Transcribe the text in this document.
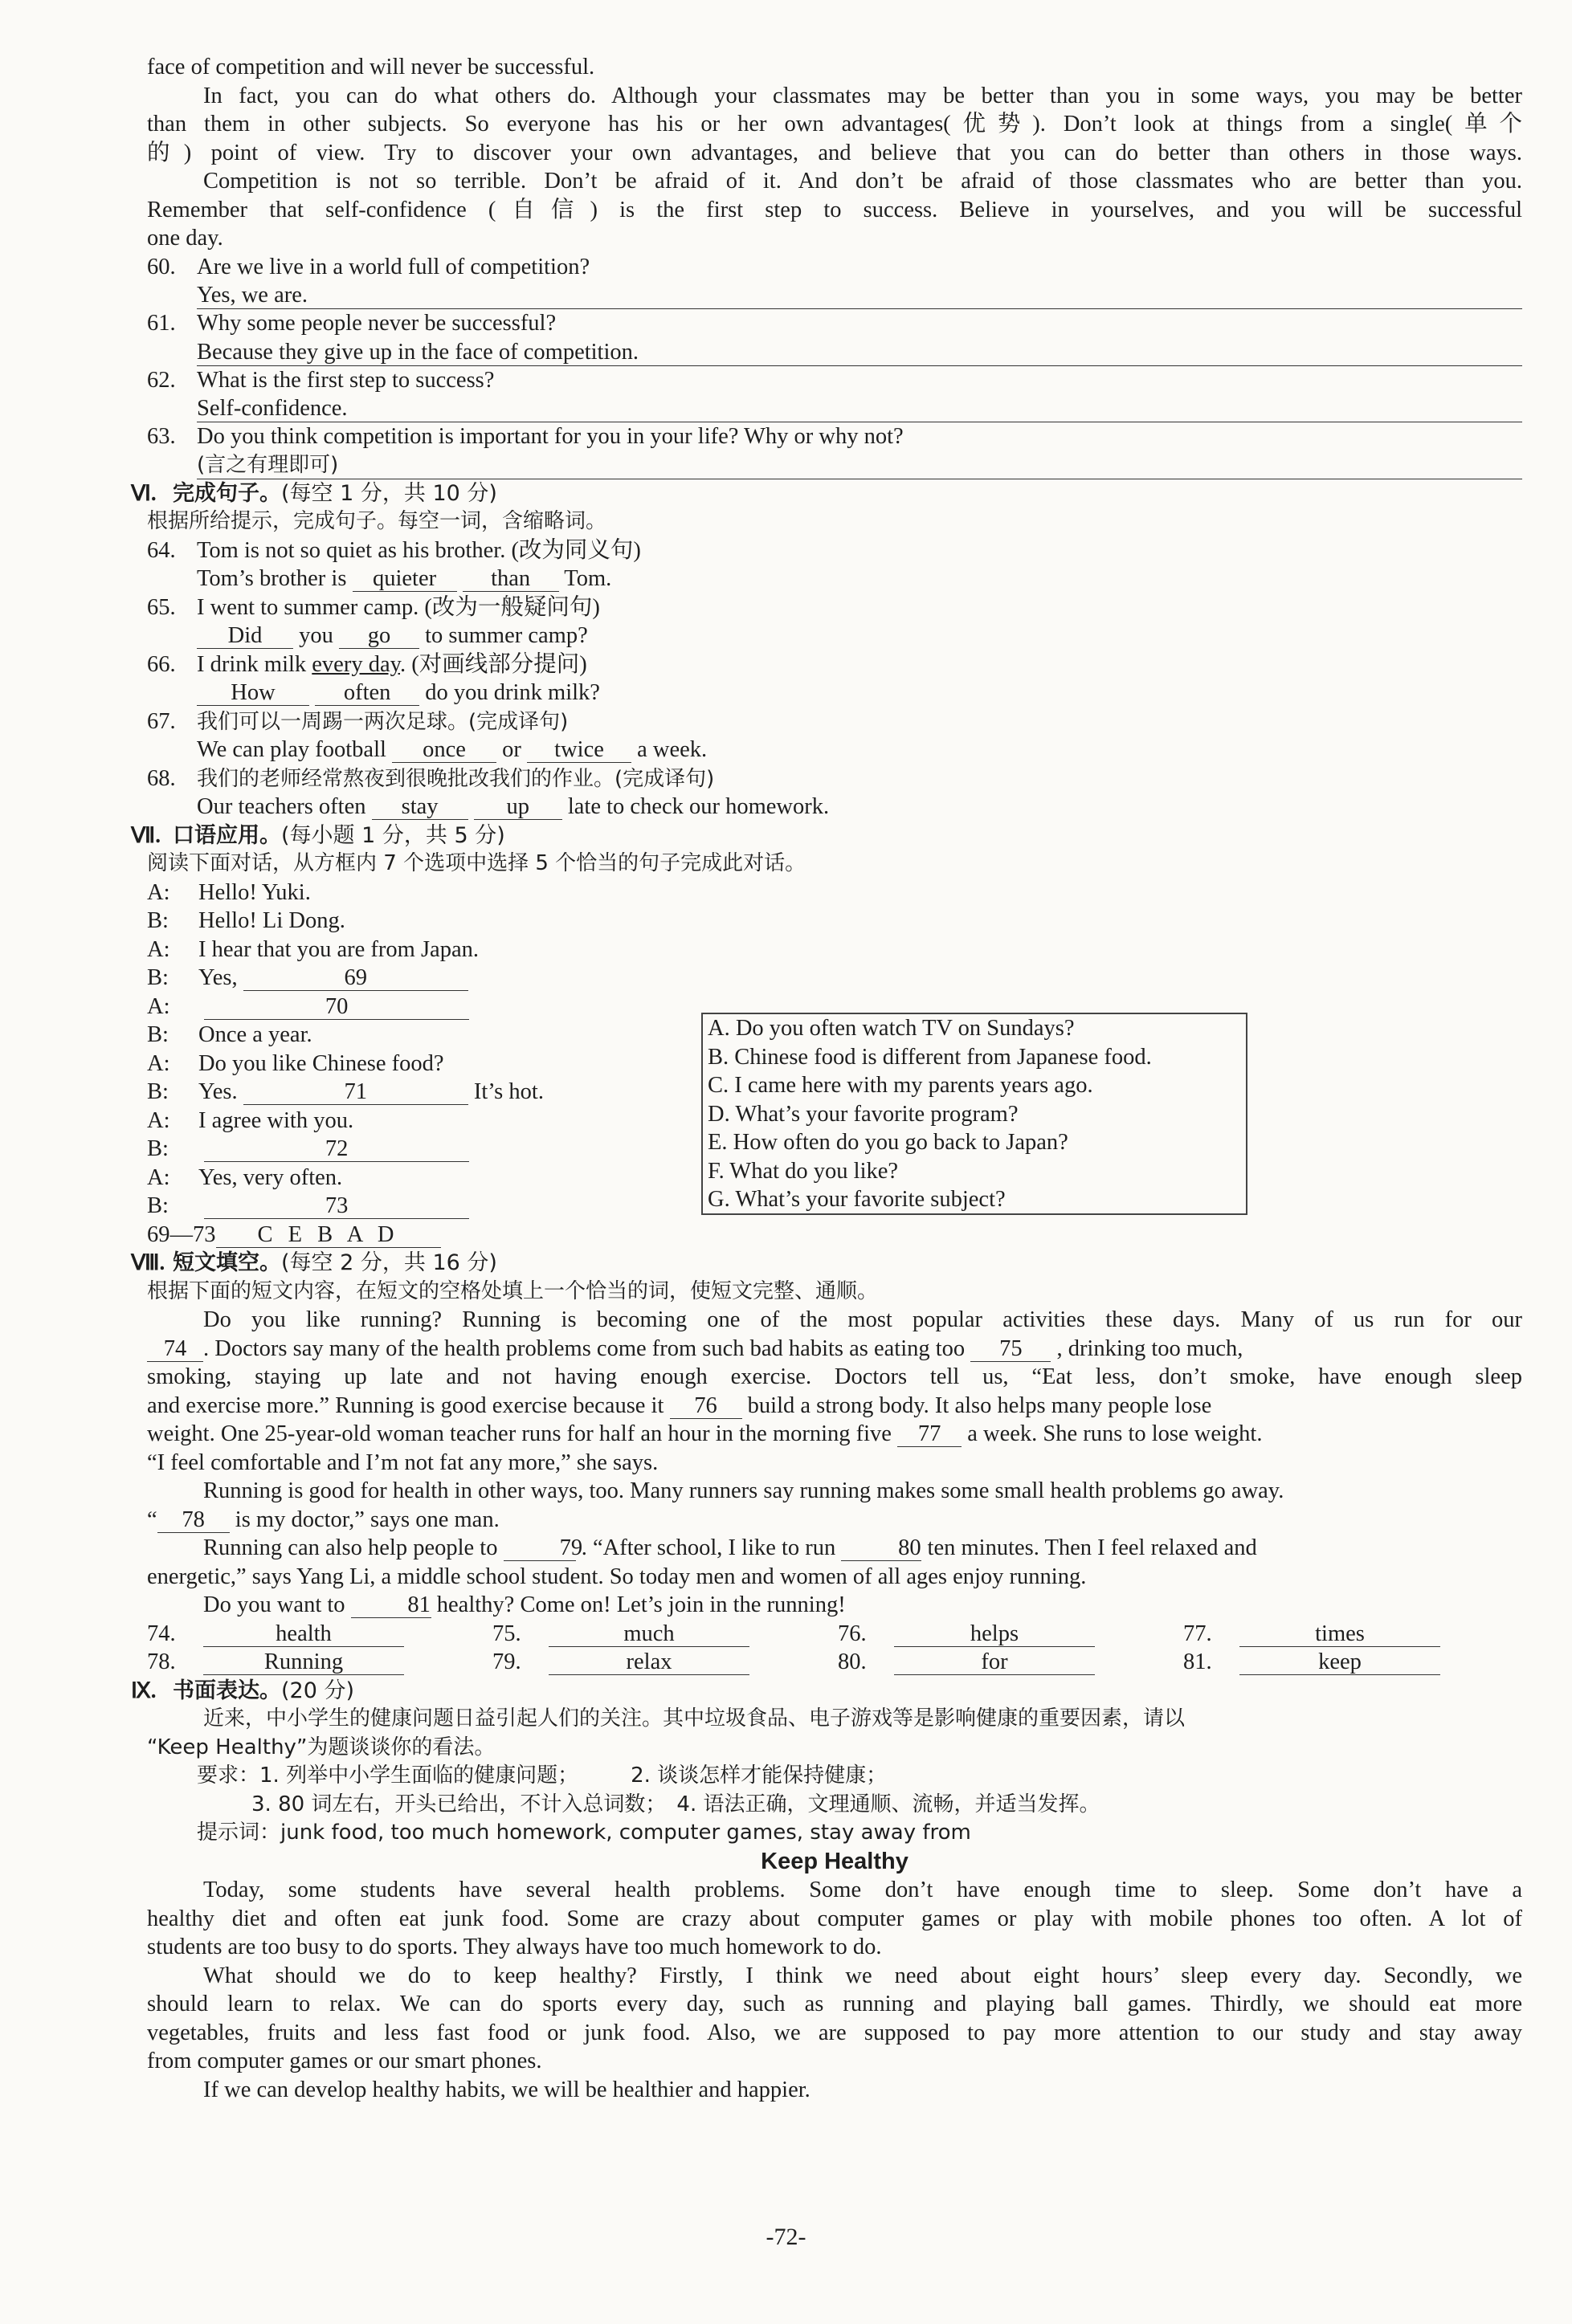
face of competition and will never be successful.
In fact, you can do what others do. Although your classmates may be better than you in some ways, you may be better
than them in other subjects. So everyone has his or her own advantages(优势). Don’t look at things from a single(单个
的) point of view. Try to discover your own advantages, and believe that you can do better than others in those ways.
Competition is not so terrible. Don’t be afraid of it. And don’t be afraid of those classmates who are better than you.
Remember that self-confidence (自信) is the first step to success. Believe in yourselves, and you will be successful
one day.
60. Are we live in a world full of competition?
Yes, we are.
61. Why some people never be successful?
Because they give up in the face of competition.
62. What is the first step to success?
Self-confidence.
63. Do you think competition is important for you in your life? Why or why not?
(言之有理即可)
Ⅵ. 完成句子。(每空 1 分，共 10 分)
根据所给提示，完成句子。每空一词，含缩略词。
64. Tom is not so quiet as his brother. (改为同义句)
Tom’s brother is quieter than Tom.
65. I went to summer camp. (改为一般疑问句)
Did you go to summer camp?
66. I drink milk every day. (对画线部分提问)
How	often do you drink milk?
67. 我们可以一周踢一两次足球。(完成译句)
We can play football once or twice a week.
68. 我们的老师经常熬夜到很晚批改我们的作业。(完成译句)
Our teachers often stay	up late to check our homework.
Ⅶ. 口语应用。(每小题 1 分，共 5 分)
阅读下面对话，从方框内 7 个选项中选择 5 个恰当的句子完成此对话。
A: Hello! Yuki.
B: Hello! Li Dong.
A: I hear that you are from Japan.
B: Yes,	69
A:	70
B: Once a year.
A: Do you like Chinese food?
B: Yes.	71	It’s hot.
A: I agree with you.
B:	72
A: Yes, very often.
B:	73
69—73 C E B A D
Ⅷ. 短文填空。(每空 2 分，共 16 分)
根据下面的短文内容，在短文的空格处填上一个恰当的词，使短文完整、通顺。
Do you like running? Running is becoming one of the most popular activities these days. Many of us run for our
74 . Doctors say many of the health problems come from such bad habits as eating too 75 , drinking too much,
smoking, staying up late and not having enough exercise. Doctors tell us, “Eat less, don’t smoke, have enough sleep
and exercise more.” Running is good exercise because it 76 build a strong body. It also helps many people lose
weight. One 25-year-old woman teacher runs for half an hour in the morning five 77 a week. She runs to lose weight.
“I feel comfortable and I’m not fat any more,” she says.
Running is good for health in other ways, too. Many runners say running makes some small health problems go away.
“ 78 is my doctor,” says one man.
Running can also help people to	79 . “After school, I like to run	80 ten minutes. Then I feel relaxed and
energetic,” says Yang Li, a middle school student. So today men and women of all ages enjoy running.
Do you want to	81 healthy? Come on! Let’s join in the running!
74.	health	75.	much	76.	helps	77.	times
78.	Running	79.	relax	80.	for	81.	keep
Ⅸ. 书面表达。(20 分)
近来，中小学生的健康问题日益引起人们的关注。其中垃圾食品、电子游戏等是影响健康的重要因素，请以
“Keep Healthy”为题谈谈你的看法。
要求：1. 列举中小学生面临的健康问题；　　　2. 谈谈怎样才能保持健康；
3. 80 词左右，开头已给出，不计入总词数；　4. 语法正确，文理通顺、流畅，并适当发挥。
提示词：junk food, too much homework, computer games, stay away from
Keep Healthy
Today, some students have several health problems. Some don’t have enough time to sleep. Some don’t have a
healthy diet and often eat junk food. Some are crazy about computer games or play with mobile phones too often. A lot of
students are too busy to do sports. They always have too much homework to do.
What should we do to keep healthy? Firstly, I think we need about eight hours’ sleep every day. Secondly, we
should learn to relax. We can do sports every day, such as running and playing ball games. Thirdly, we should eat more
vegetables, fruits and less fast food or junk food. Also, we are supposed to pay more attention to our study and stay away
from computer games or our smart phones.
If we can develop healthy habits, we will be healthier and happier.
A. Do you often watch TV on Sundays?
B. Chinese food is different from Japanese food.
C. I came here with my parents years ago.
D. What’s your favorite program?
E. How often do you go back to Japan?
F. What do you like?
G. What’s your favorite subject?
-72-
